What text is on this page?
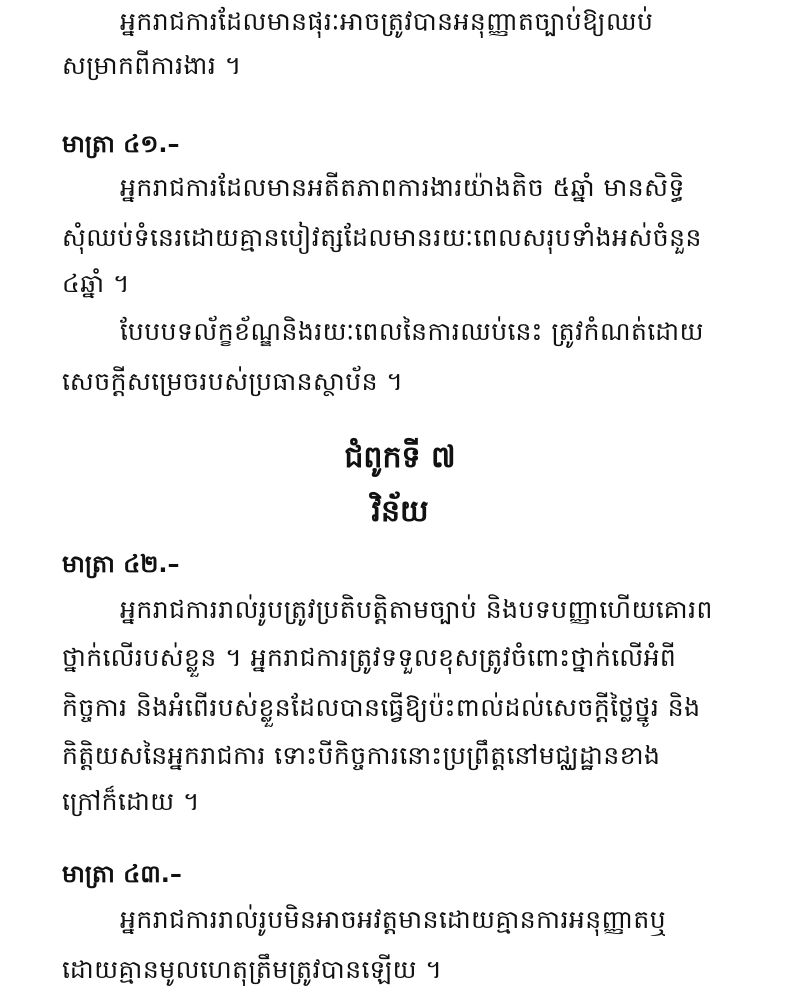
អ្នករាជការដែលមានផុរៈអាចត្រូវបានអនុញ្ញាតច្បាប់ឱ្យឈប់
សម្រាកពីការងារ ។
មាត្រា ៤១.–
អ្នករាជការដែលមានអតីតភាពការងារយ៉ាងតិច ៥ឆ្នាំ មានសិទ្ធិ
សុំឈប់ទំនេរដោយគ្មានបៀវត្សដែលមានរយៈពេលសរុបទាំងអស់ចំនួន
៤ឆ្នាំ ។
បែបបទល័ក្ខខ័ណ្ឌនិងរយៈពេលនៃការឈប់នេះ ត្រូវកំណត់ដោយ
សេចក្តីសម្រេចរបស់ប្រធានស្ថាប័ន ។
ជំពូកទី ៧
វិន័យ
មាត្រា ៤២.–
អ្នករាជការរាល់រូបត្រូវប្រតិបត្តិតាមច្បាប់ និងបទបញ្ញាហើយគោរព
ថ្នាក់លើរបស់ខ្លួន ។ អ្នករាជការត្រូវទទួលខុសត្រូវចំពោះថ្នាក់លើអំពី
កិច្ចការ និងអំពើរបស់ខ្លួនដែលបានធ្វើឱ្យប៉ះពាល់ដល់សេចក្តីថ្លៃថ្នូរ និង
កិត្តិយសនៃអ្នករាជការ ទោះបីកិច្ចការនោះប្រព្រឹត្តនៅមជ្ឈដ្ឋានខាង
ក្រៅក៏ដោយ ។
មាត្រា ៤៣.–
អ្នករាជការរាល់រូបមិនអាចអវត្តមានដោយគ្មានការអនុញ្ញាតឬ
ដោយគ្មានមូលហេតុត្រឹមត្រូវបានឡើយ ។
